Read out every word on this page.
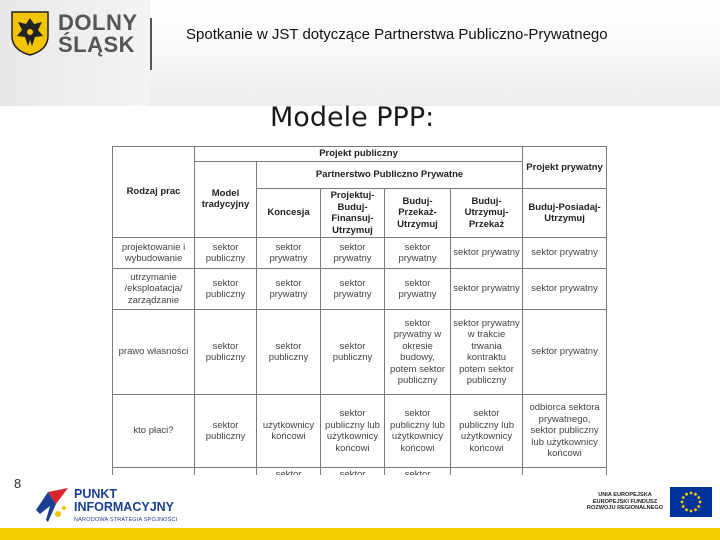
DOLNY
ŚLĄSK	Spotkanie w JST dotyczące Partnerstwa Publiczno-Prywatnego
Modele PPP:
Rodzaj prac	Projekt publiczny					Projekt prywatny
	Model tradycyjny	Partnerstwo Publiczno Prywatne				
		Koncesja	Projektuj-Buduj-Finansuj-Utrzymuj	Buduj-Przekaż-Utrzymuj	Buduj-Utrzymuj-Przekaż	Buduj-Posiadaj-Utrzymuj
projektowanie i wybudowanie	sektor publiczny	sektor prywatny	sektor prywatny	sektor prywatny	sektor prywatny	sektor prywatny
utrzymanie /eksploatacja/ zarządzanie	sektor publiczny	sektor prywatny	sektor prywatny	sektor prywatny	sektor prywatny	sektor prywatny
prawo własności	sektor publiczny	sektor publiczny	sektor publiczny	sektor prywatny w okresie budowy, potem sektor publiczny	sektor prywatny w trakcie trwania kontraktu potem sektor publiczny	sektor prywatny
kto płaci?	sektor publiczny	użytkownicy końcowi	sektor publiczny lub użytkownicy końcowi	sektor publiczny lub użytkownicy końcowi	sektor publiczny lub użytkownicy końcowi	odbiorca sektora prywatnego, sektor publiczny lub użytkownicy końcowi

8
PUNKT
INFORMACYJNY
NARODOWA STRATEGIA SPÓJNOŚCI
UNIA EUROPEJSKA
EUROPEJSKI FUNDUSZ
ROZWOJU REGIONALNEGO
